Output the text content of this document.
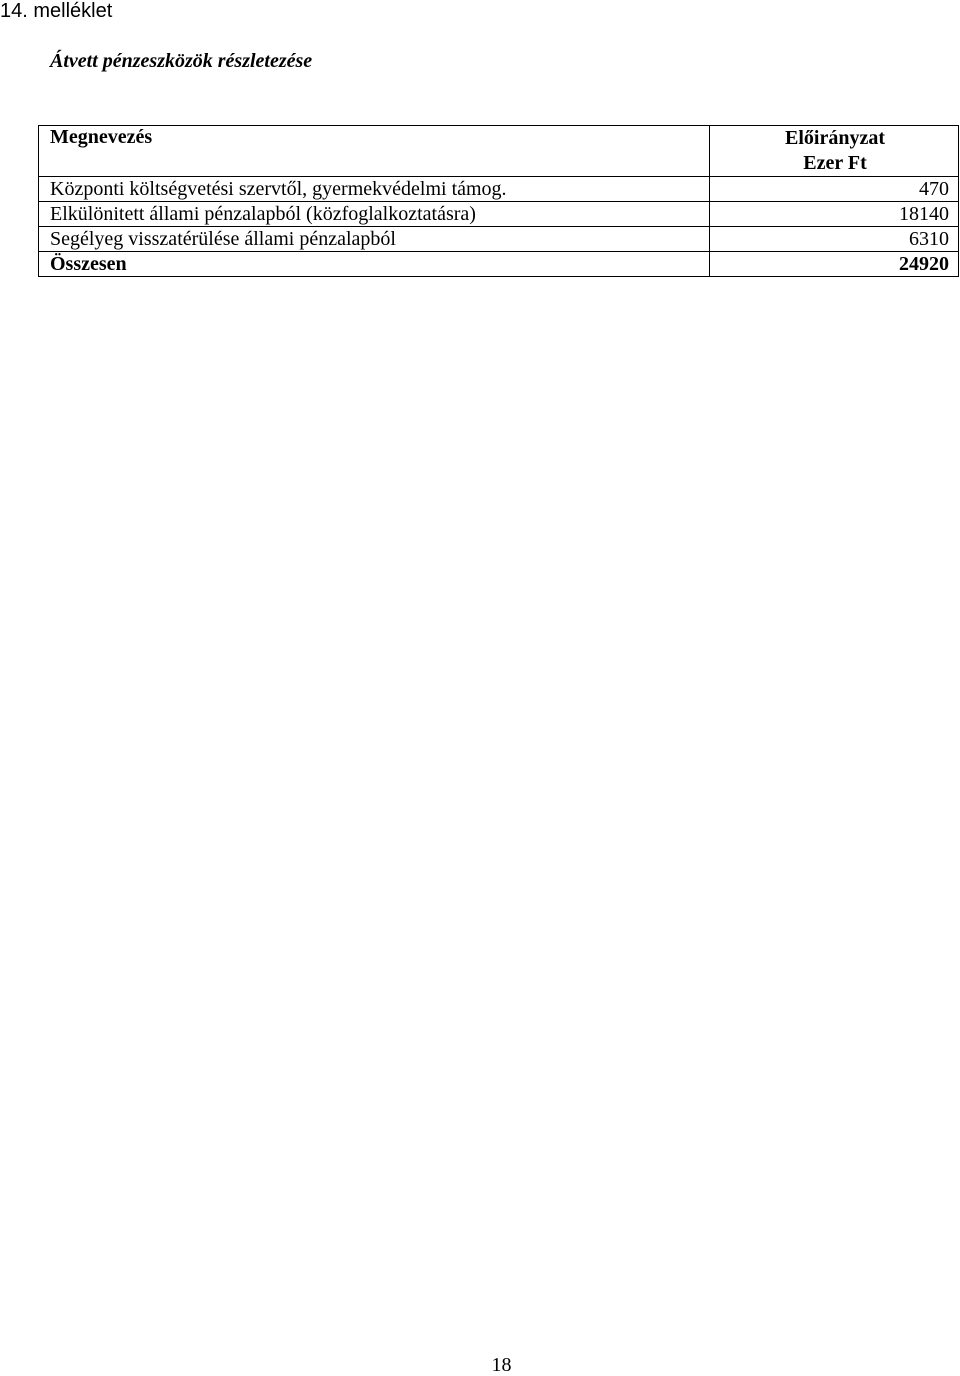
14. melléklet
Átvett pénzeszközök részletezése
Megnevezés	Előirányzat
Ezer Ft

Központi költségvetési szervtől, gyermekvédelmi támog.	470
Elkülönitett állami pénzalapból (közfoglalkoztatásra)	18140
Segélyeg visszatérülése állami pénzalapból	6310
Összesen	24920
18
